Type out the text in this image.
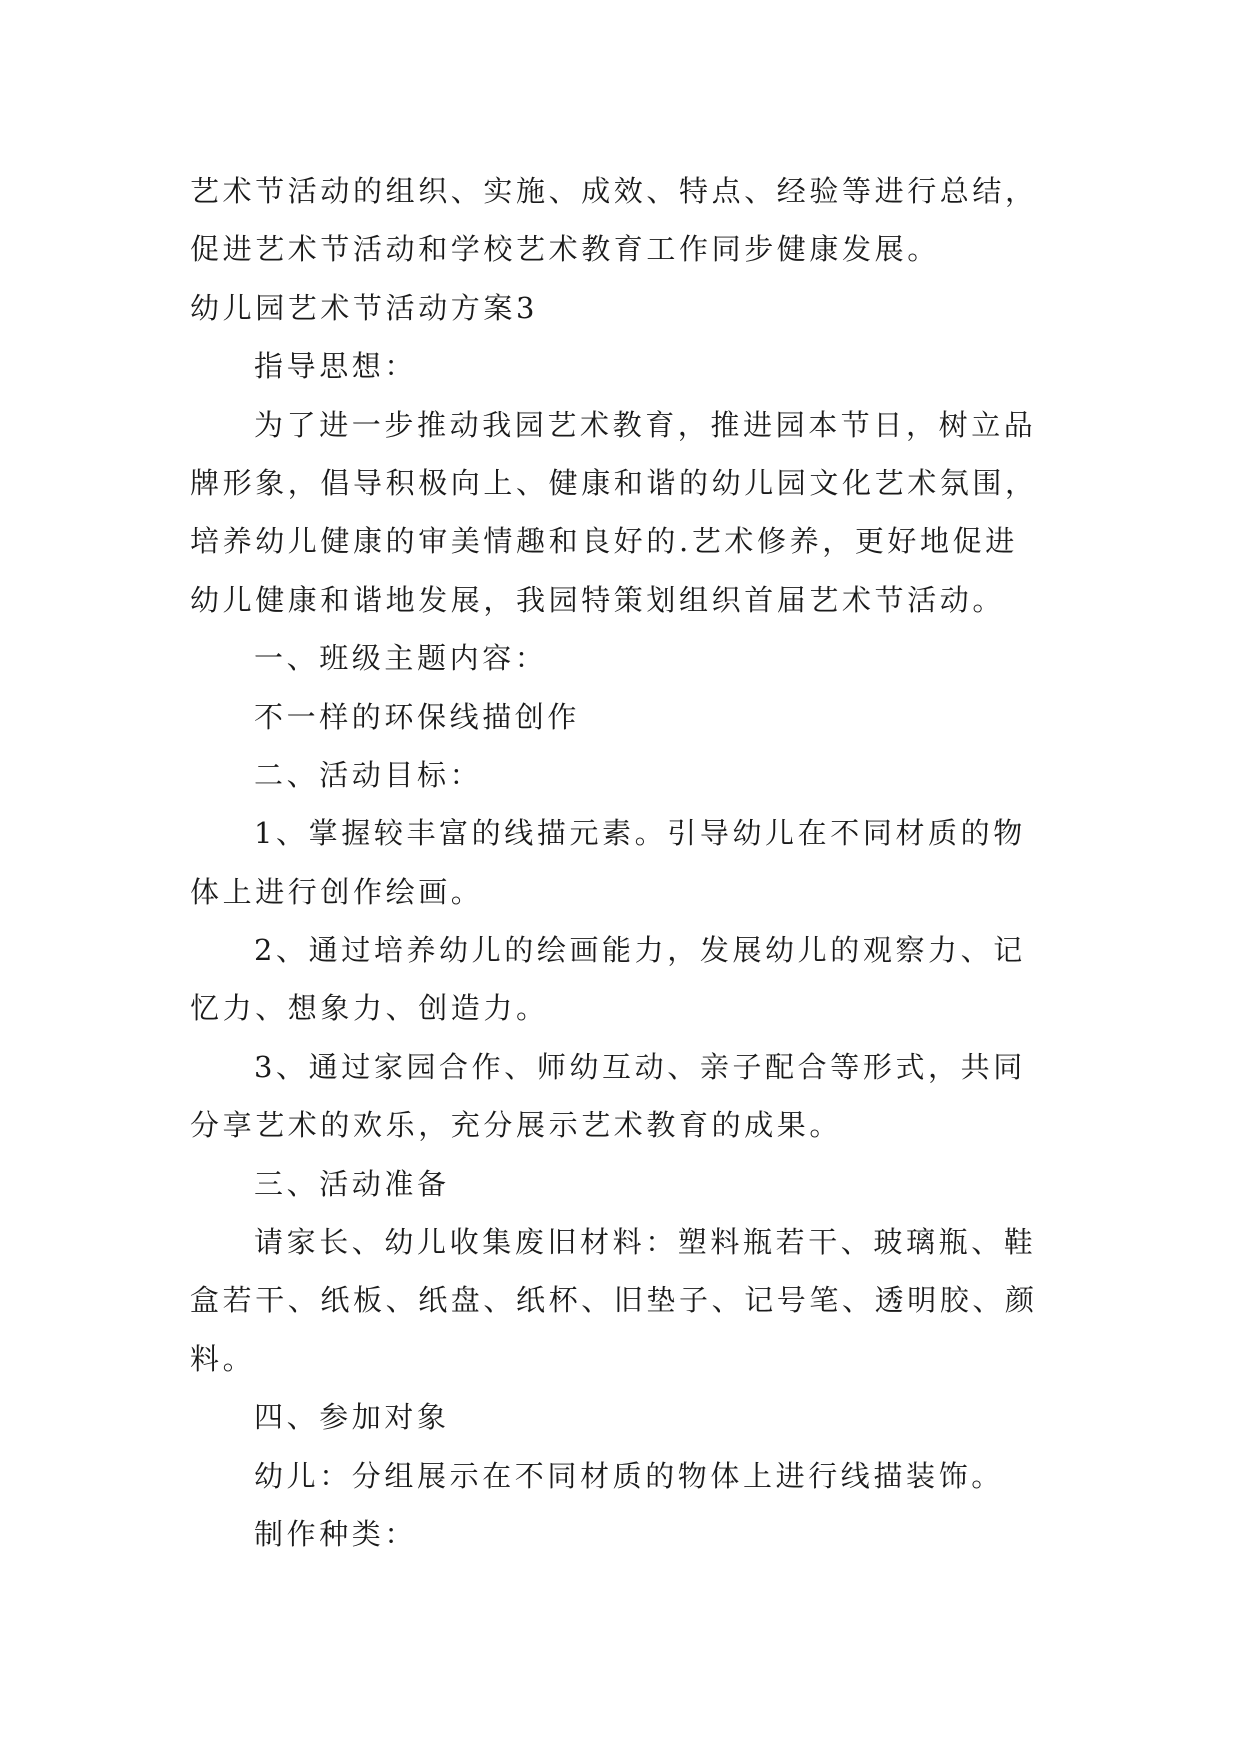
艺术节活动的组织、实施、成效、特点、经验等进行总结，
促进艺术节活动和学校艺术教育工作同步健康发展。
幼儿园艺术节活动方案3
指导思想：
为了进一步推动我园艺术教育，推进园本节日，树立品
牌形象，倡导积极向上、健康和谐的幼儿园文化艺术氛围，
培养幼儿健康的审美情趣和良好的.艺术修养，更好地促进
幼儿健康和谐地发展，我园特策划组织首届艺术节活动。
一、班级主题内容：
不一样的环保线描创作
二、活动目标：
1、掌握较丰富的线描元素。引导幼儿在不同材质的物
体上进行创作绘画。
2、通过培养幼儿的绘画能力，发展幼儿的观察力、记
忆力、想象力、创造力。
3、通过家园合作、师幼互动、亲子配合等形式，共同
分享艺术的欢乐，充分展示艺术教育的成果。
三、活动准备
请家长、幼儿收集废旧材料：塑料瓶若干、玻璃瓶、鞋
盒若干、纸板、纸盘、纸杯、旧垫子、记号笔、透明胶、颜
料。
四、参加对象
幼儿：分组展示在不同材质的物体上进行线描装饰。
制作种类：
